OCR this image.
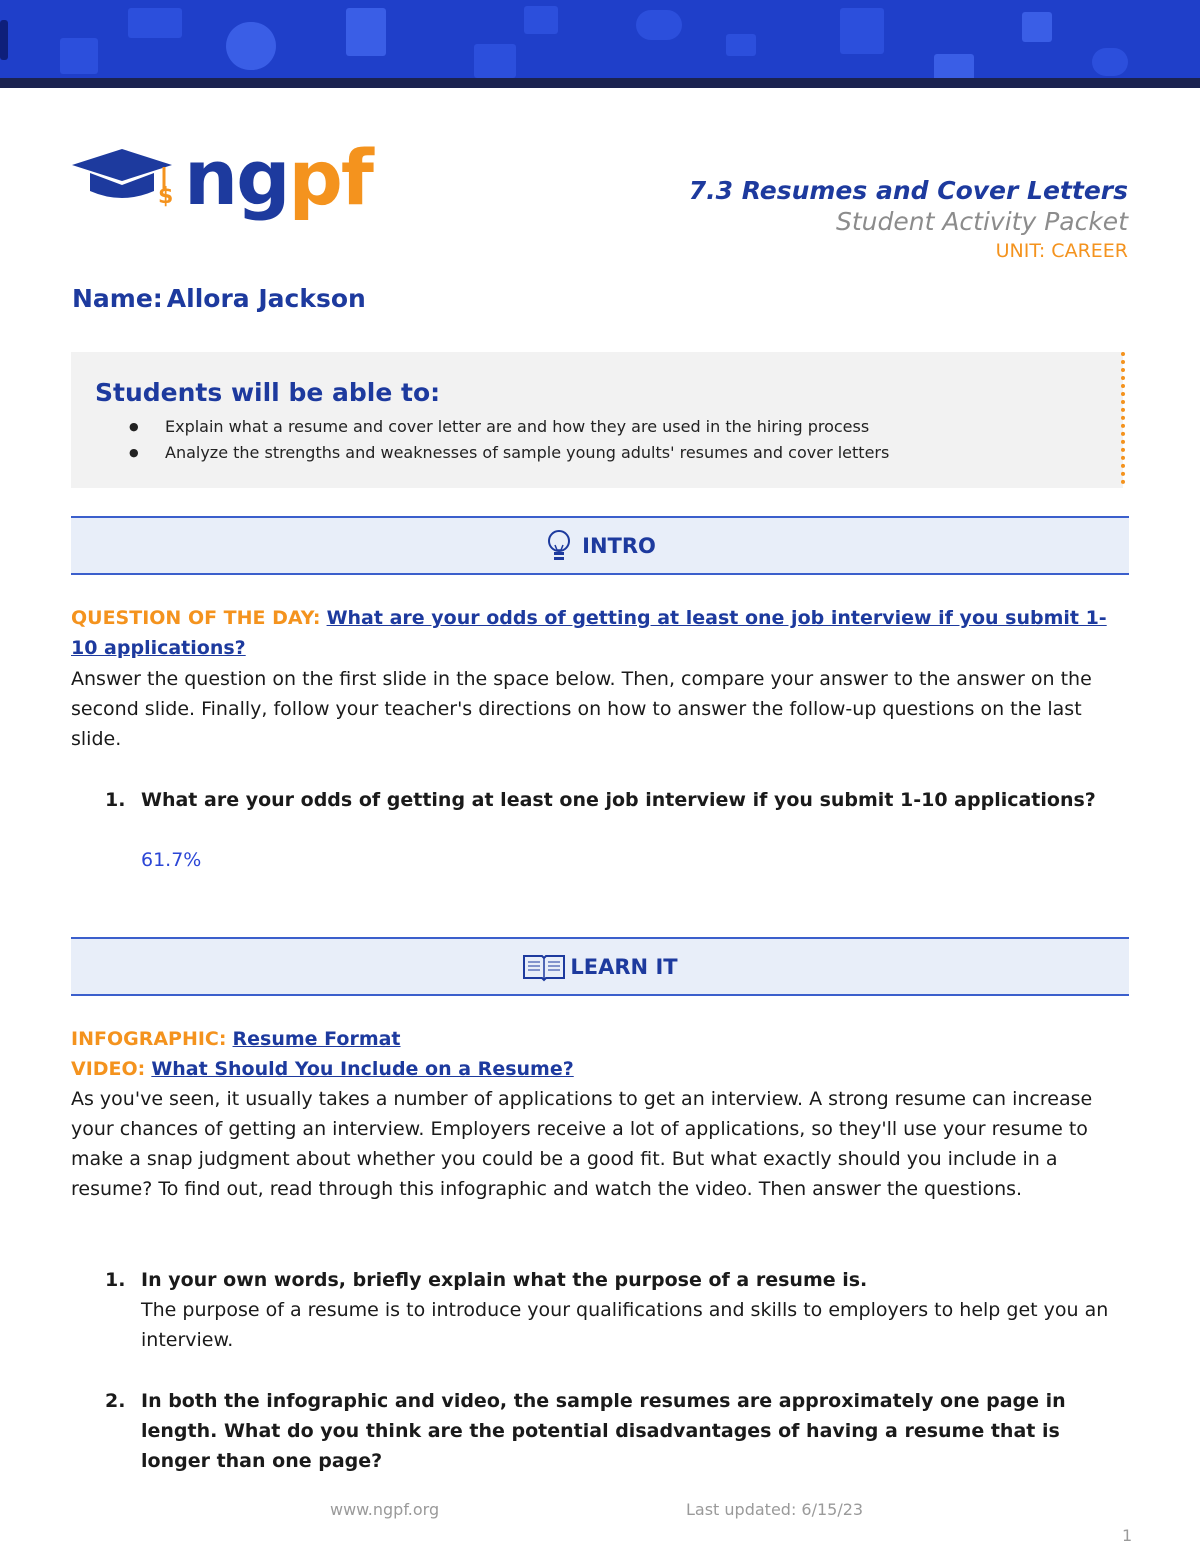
$ ngpf	7.3 Resumes and Cover Letters
Student Activity Packet
UNIT: CAREER
Name: Allora Jackson
Students will be able to:
● Explain what a resume and cover letter are and how they are used in the hiring process
● Analyze the strengths and weaknesses of sample young adults' resumes and cover letters
INTRO
QUESTION OF THE DAY: What are your odds of getting at least one job interview if you submit 1-10 applications?
Answer the question on the first slide in the space below. Then, compare your answer to the answer on the second slide. Finally, follow your teacher's directions on how to answer the follow-up questions on the last slide.
1. What are your odds of getting at least one job interview if you submit 1-10 applications?
61.7%
LEARN IT
INFOGRAPHIC: Resume Format
VIDEO: What Should You Include on a Resume?
As you've seen, it usually takes a number of applications to get an interview. A strong resume can increase your chances of getting an interview. Employers receive a lot of applications, so they'll use your resume to make a snap judgment about whether you could be a good fit. But what exactly should you include in a resume? To find out, read through this infographic and watch the video. Then answer the questions.
1. In your own words, briefly explain what the purpose of a resume is.
The purpose of a resume is to introduce your qualifications and skills to employers to help get you an interview.
2. In both the infographic and video, the sample resumes are approximately one page in length. What do you think are the potential disadvantages of having a resume that is longer than one page?
www.ngpf.org	Last updated: 6/15/23
1
